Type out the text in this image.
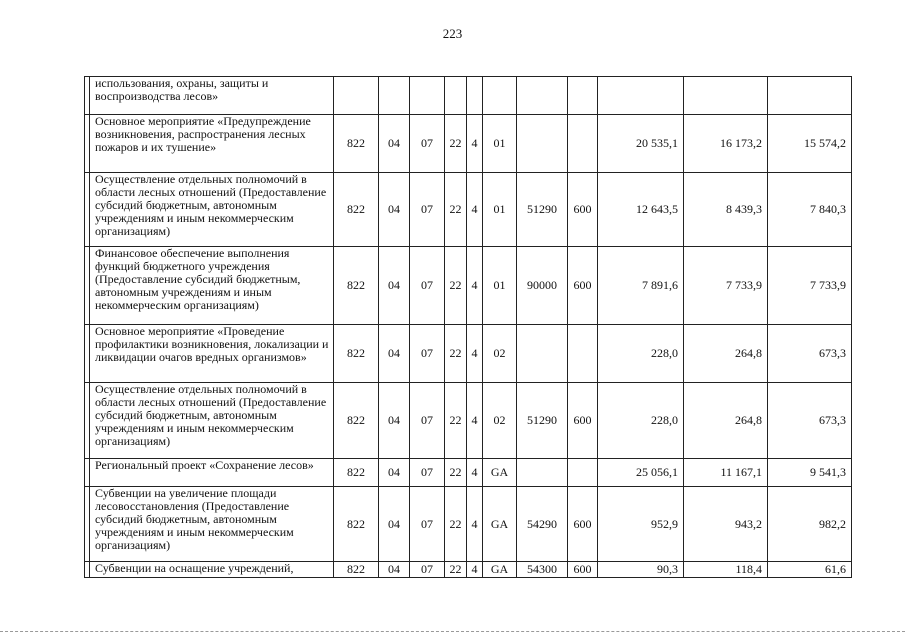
223
	использования, охраны, защиты и воспроизводства лесов»											
	Основное мероприятие «Предупреждение возникновения, распространения лесных пожаров и их тушение»	822	04	07	22	4	01			20 535,1	16 173,2	15 574,2
	Осуществление отдельных полномочий в области лесных отношений (Предоставление субсидий бюджетным, автономным учреждениям и иным некоммерческим организациям)	822	04	07	22	4	01	51290	600	12 643,5	8 439,3	7 840,3
	Финансовое обеспечение выполнения функций бюджетного учреждения (Предоставление субсидий бюджетным, автономным учреждениям и иным некоммерческим организациям)	822	04	07	22	4	01	90000	600	7 891,6	7 733,9	7 733,9
	Основное мероприятие «Проведение профилактики возникновения, локализации и ликвидации очагов вредных организмов»	822	04	07	22	4	02			228,0	264,8	673,3
	Осуществление отдельных полномочий в области лесных отношений (Предоставление субсидий бюджетным, автономным учреждениям и иным некоммерческим организациям)	822	04	07	22	4	02	51290	600	228,0	264,8	673,3
	Региональный проект «Сохранение лесов»	822	04	07	22	4	GA			25 056,1	11 167,1	9 541,3
	Субвенции на увеличение площади лесовосстановления (Предоставление субсидий бюджетным, автономным учреждениям и иным некоммерческим организациям)	822	04	07	22	4	GA	54290	600	952,9	943,2	982,2
	Субвенции на оснащение учреждений,	822	04	07	22	4	GA	54300	600	90,3	118,4	61,6
